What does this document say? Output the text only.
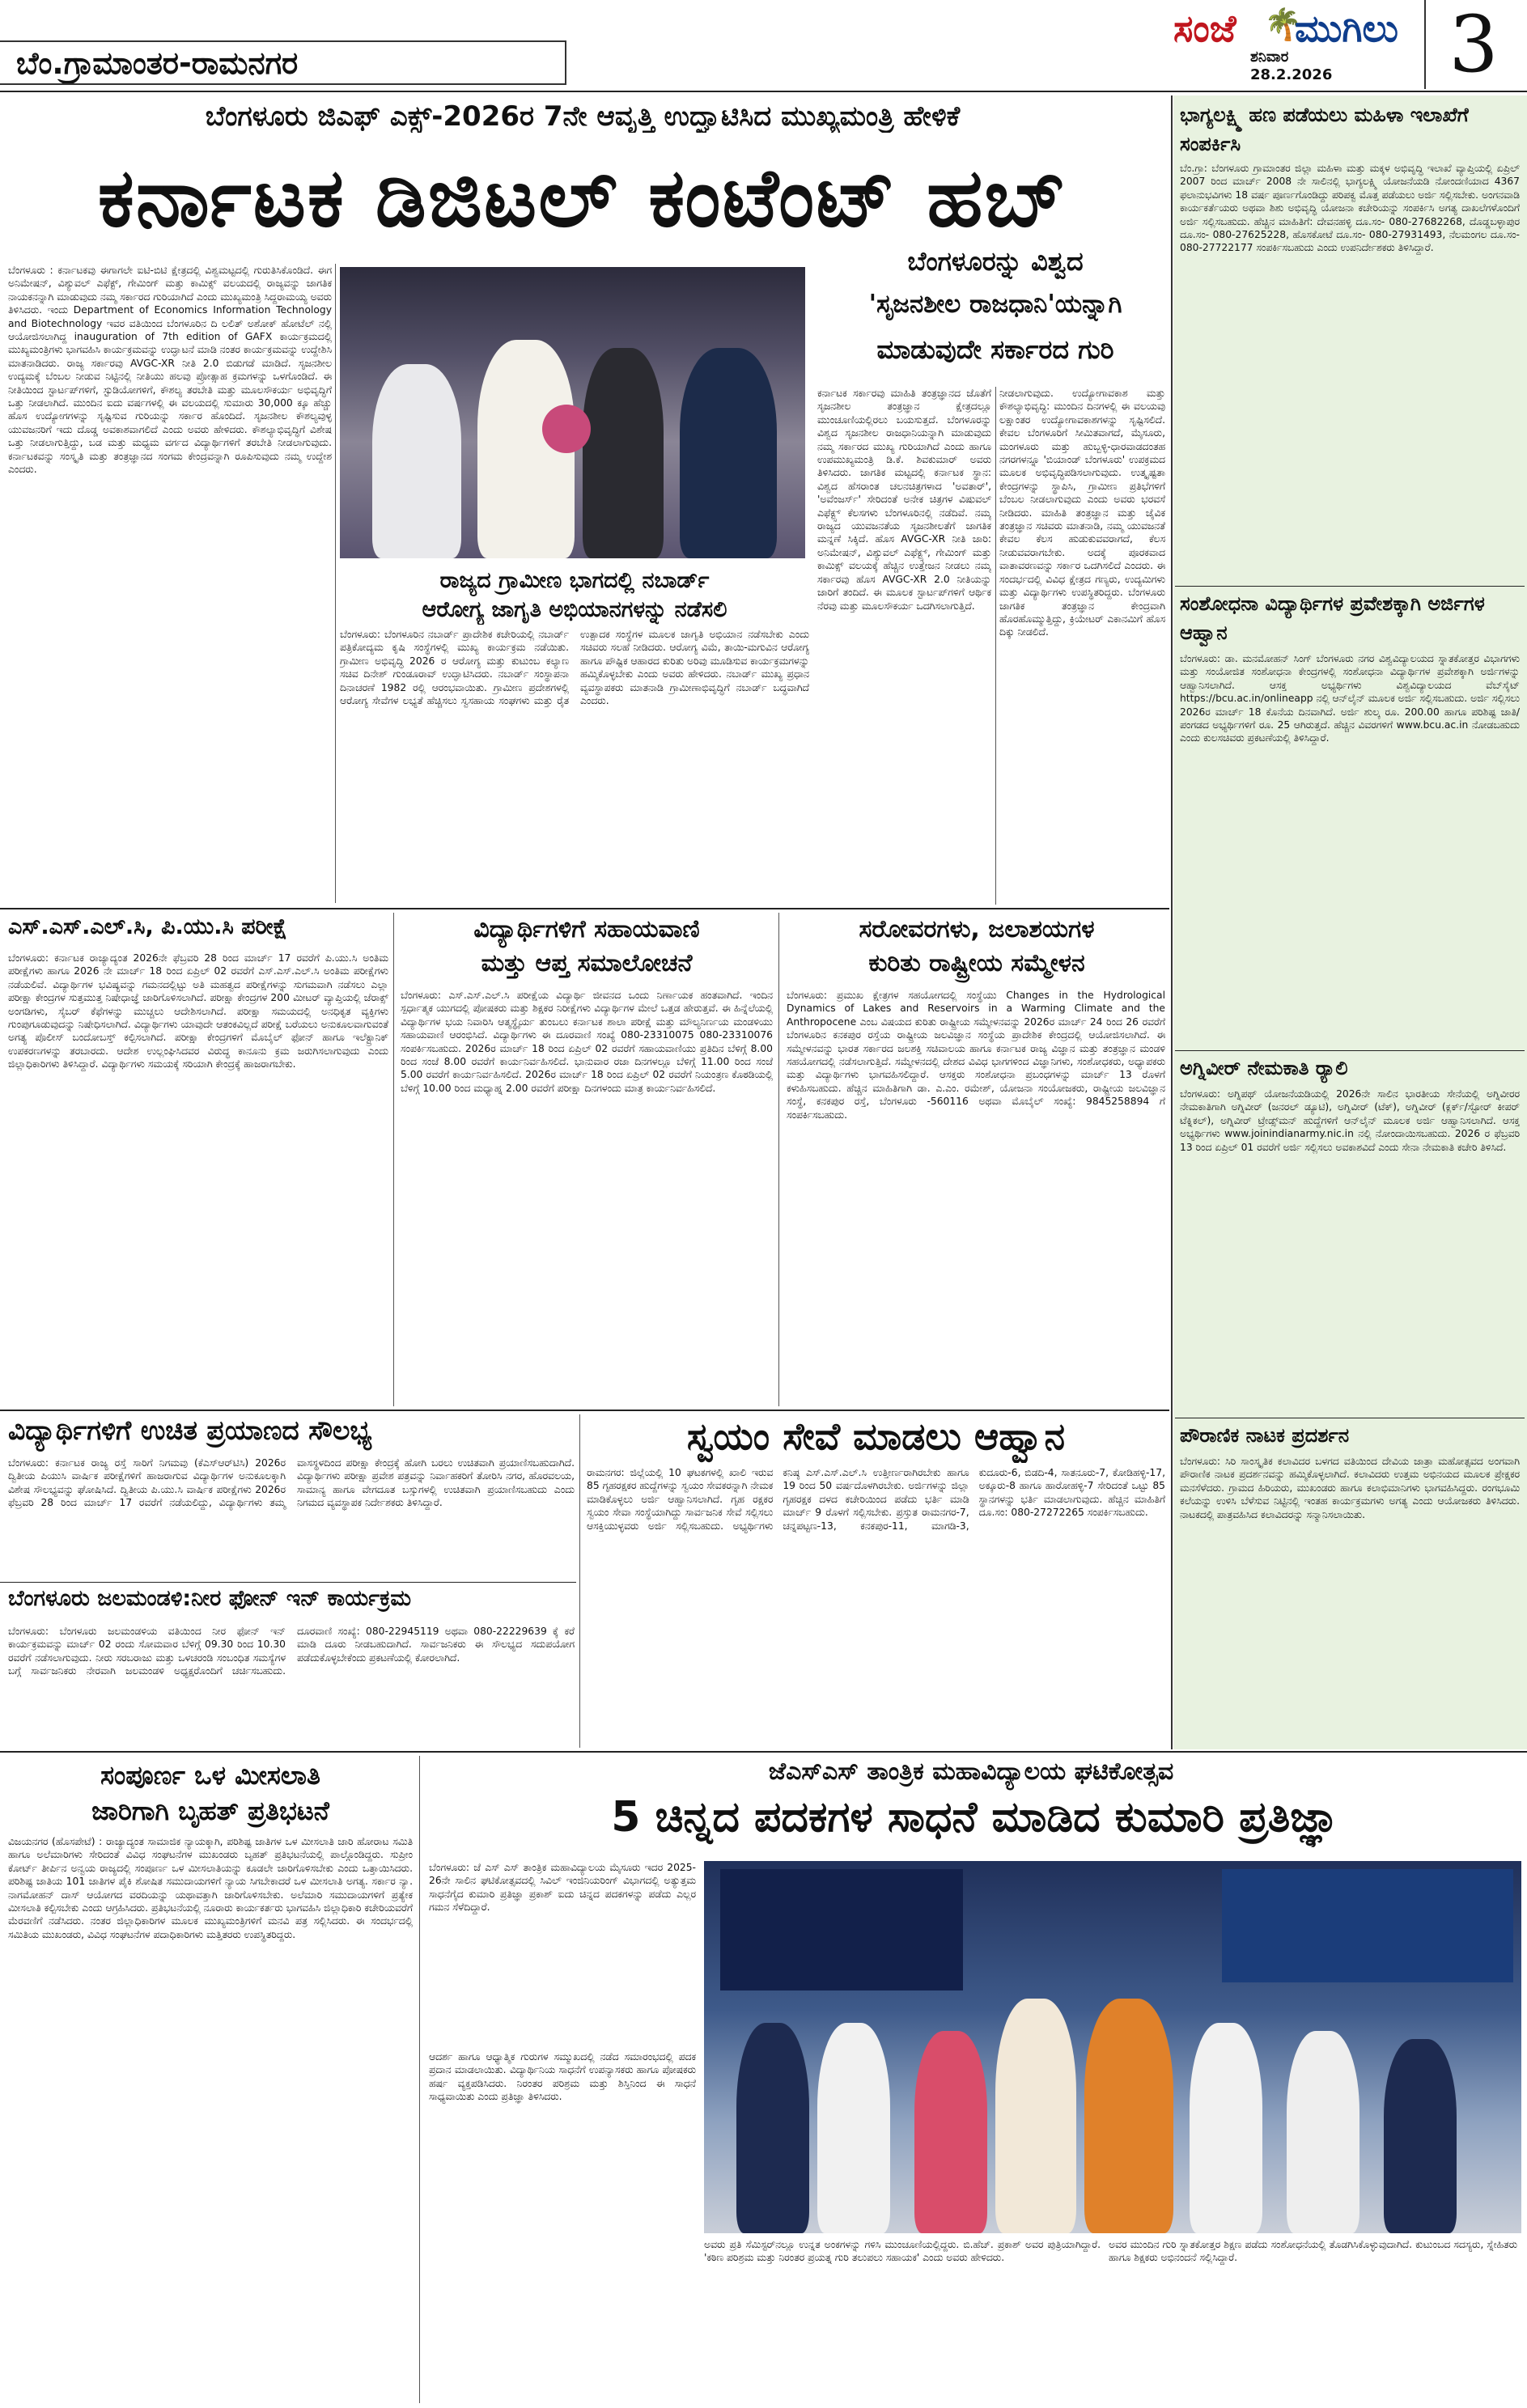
ಬೆಂ.ಗ್ರಾಮಾಂತರ-ರಾಮನಗರ
ಸಂಜೆ 🌴
ಮುಗಿಲು
ಶನಿವಾರ
28.2.2026	3
ಬೆಂಗಳೂರು ಜಿಎಫ್ ಎಕ್ಸ್-2026ರ 7ನೇ ಆವೃತ್ತಿ ಉದ್ಘಾಟಿಸಿದ ಮುಖ್ಯಮಂತ್ರಿ ಹೇಳಿಕೆ
ಕರ್ನಾಟಕ ಡಿಜಿಟಲ್ ಕಂಟೆಂಟ್ ಹಬ್
ಬೆಂಗಳೂರನ್ನು ವಿಶ್ವದ
'ಸೃಜನಶೀಲ ರಾಜಧಾನಿ'ಯನ್ನಾಗಿ
ಮಾಡುವುದೇ ಸರ್ಕಾರದ ಗುರಿ
ಬೆಂಗಳೂರು : ಕರ್ನಾಟಕವು ಈಗಾಗಲೇ ಐಟಿ-ಬಿಟಿ ಕ್ಷೇತ್ರದಲ್ಲಿ ವಿಶ್ವಮಟ್ಟದಲ್ಲಿ ಗುರುತಿಸಿಕೊಂಡಿದೆ. ಈಗ ಅನಿಮೇಷನ್, ವಿಶ್ಯುವಲ್ ಎಫೆಕ್ಟ್, ಗೇಮಿಂಗ್ ಮತ್ತು ಕಾಮಿಕ್ಸ್ ವಲಯದಲ್ಲಿ ರಾಜ್ಯವನ್ನು ಜಾಗತಿಕ ನಾಯಕನನ್ನಾಗಿ ಮಾಡುವುದು ನಮ್ಮ ಸರ್ಕಾರದ ಗುರಿಯಾಗಿದೆ ಎಂದು ಮುಖ್ಯಮಂತ್ರಿ ಸಿದ್ದರಾಮಯ್ಯ ಅವರು ತಿಳಿಸಿದರು. ಇಂದು Department of Economics Information Technology and Biotechnology ಇವರ ವತಿಯಿಂದ ಬೆಂಗಳೂರಿನ ದಿ ಲಲಿತ್ ಅಶೋಕ್ ಹೋಟೆಲ್ ನಲ್ಲಿ ಆಯೋಜಿಸಲಾಗಿದ್ದ inauguration of 7th edition of GAFX ಕಾರ್ಯಕ್ರಮದಲ್ಲಿ ಮುಖ್ಯಮಂತ್ರಿಗಳು ಭಾಗವಹಿಸಿ ಕಾರ್ಯಕ್ರಮವನ್ನು ಉದ್ಘಾಟನೆ ಮಾಡಿ ನಂತರ ಕಾರ್ಯಕ್ರಮವನ್ನು ಉದ್ದೇಶಿಸಿ ಮಾತನಾಡಿದರು. ರಾಜ್ಯ ಸರ್ಕಾರವು AVGC-XR ನೀತಿ 2.0 ಬಿಡುಗಡೆ ಮಾಡಿದೆ. ಸೃಜನಶೀಲ ಉದ್ಯಮಕ್ಕೆ ಬೆಂಬಲ ನೀಡುವ ನಿಟ್ಟಿನಲ್ಲಿ ನೀತಿಯು ಹಲವು ಪ್ರೋತ್ಸಾಹ ಕ್ರಮಗಳನ್ನು ಒಳಗೊಂಡಿದೆ. ಈ ನೀತಿಯಿಂದ ಸ್ಟಾರ್ಟಪ್‌ಗಳಿಗೆ, ಸ್ಟುಡಿಯೋಗಳಿಗೆ, ಕೌಶಲ್ಯ ತರಬೇತಿ ಮತ್ತು ಮೂಲಸೌಕರ್ಯ ಅಭಿವೃದ್ಧಿಗೆ ಒತ್ತು ನೀಡಲಾಗಿದೆ. ಮುಂದಿನ ಐದು ವರ್ಷಗಳಲ್ಲಿ ಈ ವಲಯದಲ್ಲಿ ಸುಮಾರು 30,000 ಕ್ಕೂ ಹೆಚ್ಚು ಹೊಸ ಉದ್ಯೋಗಗಳನ್ನು ಸೃಷ್ಟಿಸುವ ಗುರಿಯನ್ನು ಸರ್ಕಾರ ಹೊಂದಿದೆ. ಸೃಜನಶೀಲ ಕೌಶಲ್ಯವುಳ್ಳ ಯುವಜನರಿಗೆ ಇದು ದೊಡ್ಡ ಅವಕಾಶವಾಗಲಿದೆ ಎಂದು ಅವರು ಹೇಳಿದರು. ಕೌಶಲ್ಯಾಭಿವೃದ್ಧಿಗೆ ವಿಶೇಷ ಒತ್ತು ನೀಡಲಾಗುತ್ತಿದ್ದು, ಬಡ ಮತ್ತು ಮಧ್ಯಮ ವರ್ಗದ ವಿದ್ಯಾರ್ಥಿಗಳಿಗೆ ತರಬೇತಿ ನೀಡಲಾಗುವುದು. ಕರ್ನಾಟಕವನ್ನು ಸಂಸ್ಕೃತಿ ಮತ್ತು ತಂತ್ರಜ್ಞಾನದ ಸಂಗಮ ಕೇಂದ್ರವನ್ನಾಗಿ ರೂಪಿಸುವುದು ನಮ್ಮ ಉದ್ದೇಶ ಎಂದರು.
ಕರ್ನಾಟಕ ಸರ್ಕಾರವು ಮಾಹಿತಿ ತಂತ್ರಜ್ಞಾನದ ಜೊತೆಗೆ ಸೃಜನಶೀಲ ತಂತ್ರಜ್ಞಾನ ಕ್ಷೇತ್ರದಲ್ಲೂ ಮುಂಚೂಣಿಯಲ್ಲಿರಲು ಬಯಸುತ್ತದೆ. ಬೆಂಗಳೂರನ್ನು ವಿಶ್ವದ ಸೃಜನಶೀಲ ರಾಜಧಾನಿಯನ್ನಾಗಿ ಮಾಡುವುದು ನಮ್ಮ ಸರ್ಕಾರದ ಮುಖ್ಯ ಗುರಿಯಾಗಿದೆ ಎಂದು ಹಾಗೂ ಉಪಮುಖ್ಯಮಂತ್ರಿ ಡಿ.ಕೆ. ಶಿವಕುಮಾರ್ ಅವರು ತಿಳಿಸಿದರು. ಜಾಗತಿಕ ಮಟ್ಟದಲ್ಲಿ ಕರ್ನಾಟಕ ಸ್ಥಾನ: ವಿಶ್ವದ ಹೆಸರಾಂತ ಚಲನಚಿತ್ರಗಳಾದ 'ಅವತಾರ್', 'ಅವೆಂಜರ್ಸ್' ಸೇರಿದಂತೆ ಅನೇಕ ಚಿತ್ರಗಳ ವಿಷುವಲ್ ಎಫೆಕ್ಟ್ಸ್ ಕೆಲಸಗಳು ಬೆಂಗಳೂರಿನಲ್ಲಿ ನಡೆದಿವೆ. ನಮ್ಮ ರಾಜ್ಯದ ಯುವಜನತೆಯ ಸೃಜನಶೀಲತೆಗೆ ಜಾಗತಿಕ ಮನ್ನಣೆ ಸಿಕ್ಕಿದೆ. ಹೊಸ AVGC-XR ನೀತಿ ಜಾರಿ: ಅನಿಮೇಷನ್, ವಿಶ್ಯುವಲ್ ಎಫೆಕ್ಟ್ಸ್, ಗೇಮಿಂಗ್ ಮತ್ತು ಕಾಮಿಕ್ಸ್ ವಲಯಕ್ಕೆ ಹೆಚ್ಚಿನ ಉತ್ತೇಜನ ನೀಡಲು ನಮ್ಮ ಸರ್ಕಾರವು ಹೊಸ AVGC-XR 2.0 ನೀತಿಯನ್ನು ಜಾರಿಗೆ ತಂದಿದೆ. ಈ ಮೂಲಕ ಸ್ಟಾರ್ಟಪ್‌ಗಳಿಗೆ ಆರ್ಥಿಕ ನೆರವು ಮತ್ತು ಮೂಲಸೌಕರ್ಯ ಒದಗಿಸಲಾಗುತ್ತಿದೆ.
ನೀಡಲಾಗುವುದು. ಉದ್ಯೋಗಾವಕಾಶ ಮತ್ತು ಕೌಶಲ್ಯಾಭಿವೃದ್ಧಿ: ಮುಂದಿನ ದಿನಗಳಲ್ಲಿ ಈ ವಲಯವು ಲಕ್ಷಾಂತರ ಉದ್ಯೋಗಾವಕಾಶಗಳನ್ನು ಸೃಷ್ಟಿಸಲಿದೆ. ಕೇವಲ ಬೆಂಗಳೂರಿಗೆ ಸೀಮಿತವಾಗದೆ, ಮೈಸೂರು, ಮಂಗಳೂರು ಮತ್ತು ಹುಬ್ಬಳ್ಳಿ-ಧಾರವಾಡದಂತಹ ನಗರಗಳನ್ನೂ 'ಬಿಯಾಂಡ್ ಬೆಂಗಳೂರು' ಉಪಕ್ರಮದ ಮೂಲಕ ಅಭಿವೃದ್ಧಿಪಡಿಸಲಾಗುವುದು. ಉತ್ಕೃಷ್ಟತಾ ಕೇಂದ್ರಗಳನ್ನು ಸ್ಥಾಪಿಸಿ, ಗ್ರಾಮೀಣ ಪ್ರತಿಭೆಗಳಿಗೆ ಬೆಂಬಲ ನೀಡಲಾಗುವುದು ಎಂದು ಅವರು ಭರವಸೆ ನೀಡಿದರು. ಮಾಹಿತಿ ತಂತ್ರಜ್ಞಾನ ಮತ್ತು ಜೈವಿಕ ತಂತ್ರಜ್ಞಾನ ಸಚಿವರು ಮಾತನಾಡಿ, ನಮ್ಮ ಯುವಜನತೆ ಕೇವಲ ಕೆಲಸ ಹುಡುಕುವವರಾಗದೆ, ಕೆಲಸ ನೀಡುವವರಾಗಬೇಕು. ಅದಕ್ಕೆ ಪೂರಕವಾದ ವಾತಾವರಣವನ್ನು ಸರ್ಕಾರ ಒದಗಿಸಲಿದೆ ಎಂದರು. ಈ ಸಂದರ್ಭದಲ್ಲಿ ವಿವಿಧ ಕ್ಷೇತ್ರದ ಗಣ್ಯರು, ಉದ್ಯಮಿಗಳು ಮತ್ತು ವಿದ್ಯಾರ್ಥಿಗಳು ಉಪಸ್ಥಿತರಿದ್ದರು. ಬೆಂಗಳೂರು ಜಾಗತಿಕ ತಂತ್ರಜ್ಞಾನ ಕೇಂದ್ರವಾಗಿ ಹೊರಹೊಮ್ಮುತ್ತಿದ್ದು, ಕ್ರಿಯೇಟರ್ ಎಕಾನಮಿಗೆ ಹೊಸ ದಿಕ್ಕು ನೀಡಲಿದೆ.
ರಾಜ್ಯದ ಗ್ರಾಮೀಣ ಭಾಗದಲ್ಲಿ ನಬಾರ್ಡ್
ಆರೋಗ್ಯ ಜಾಗೃತಿ ಅಭಿಯಾನಗಳನ್ನು ನಡೆಸಲಿ
ಬೆಂಗಳೂರು: ಬೆಂಗಳೂರಿನ ನಬಾರ್ಡ್ ಪ್ರಾದೇಶಿಕ ಕಚೇರಿಯಲ್ಲಿ ನಬಾರ್ಡ್ ಪತ್ರಿಕೋದ್ಯಮ ಕೃಷಿ ಸಂಸ್ಥೆಗಳಲ್ಲಿ ಮುಖ್ಯ ಕಾರ್ಯಕ್ರಮ ನಡೆಯಿತು. ಗ್ರಾಮೀಣ ಅಭಿವೃದ್ಧಿ 2026 ರ ಆರೋಗ್ಯ ಮತ್ತು ಕುಟುಂಬ ಕಲ್ಯಾಣ ಸಚಿವ ದಿನೇಶ್ ಗುಂಡೂರಾವ್ ಉದ್ಘಾಟಿಸಿದರು. ನಬಾರ್ಡ್ ಸಂಸ್ಥಾಪನಾ ದಿನಾಚರಣೆ 1982 ರಲ್ಲಿ ಆರಂಭವಾಯಿತು. ಗ್ರಾಮೀಣ ಪ್ರದೇಶಗಳಲ್ಲಿ ಆರೋಗ್ಯ ಸೇವೆಗಳ ಲಭ್ಯತೆ ಹೆಚ್ಚಿಸಲು ಸ್ವಸಹಾಯ ಸಂಘಗಳು ಮತ್ತು ರೈತ ಉತ್ಪಾದಕ ಸಂಸ್ಥೆಗಳ ಮೂಲಕ ಜಾಗೃತಿ ಅಭಿಯಾನ ನಡೆಸಬೇಕು ಎಂದು ಸಚಿವರು ಸಲಹೆ ನೀಡಿದರು. ಆರೋಗ್ಯ ವಿಮೆ, ತಾಯಿ-ಮಗುವಿನ ಆರೋಗ್ಯ ಹಾಗೂ ಪೌಷ್ಟಿಕ ಆಹಾರದ ಕುರಿತು ಅರಿವು ಮೂಡಿಸುವ ಕಾರ್ಯಕ್ರಮಗಳನ್ನು ಹಮ್ಮಿಕೊಳ್ಳಬೇಕು ಎಂದು ಅವರು ಹೇಳಿದರು. ನಬಾರ್ಡ್ ಮುಖ್ಯ ಪ್ರಧಾನ ವ್ಯವಸ್ಥಾಪಕರು ಮಾತನಾಡಿ ಗ್ರಾಮೀಣಾಭಿವೃದ್ಧಿಗೆ ನಬಾರ್ಡ್ ಬದ್ಧವಾಗಿದೆ ಎಂದರು.
ಎಸ್.ಎಸ್.ಎಲ್.ಸಿ, ಪಿ.ಯು.ಸಿ ಪರೀಕ್ಷೆ
ಬೆಂಗಳೂರು: ಕರ್ನಾಟಕ ರಾಜ್ಯಾದ್ಯಂತ 2026ನೇ ಫೆಬ್ರವರಿ 28 ರಿಂದ ಮಾರ್ಚ್ 17 ರವರೆಗೆ ಪಿ.ಯು.ಸಿ ಅಂತಿಮ ಪರೀಕ್ಷೆಗಳು ಹಾಗೂ 2026 ನೇ ಮಾರ್ಚ್ 18 ರಿಂದ ಏಪ್ರಿಲ್ 02 ರವರೆಗೆ ಎಸ್.ಎಸ್.ಎಲ್.ಸಿ ಅಂತಿಮ ಪರೀಕ್ಷೆಗಳು ನಡೆಯಲಿವೆ. ವಿದ್ಯಾರ್ಥಿಗಳ ಭವಿಷ್ಯವನ್ನು ಗಮನದಲ್ಲಿಟ್ಟು ಅತಿ ಮಹತ್ವದ ಪರೀಕ್ಷೆಗಳನ್ನು ಸುಗಮವಾಗಿ ನಡೆಸಲು ಎಲ್ಲಾ ಪರೀಕ್ಷಾ ಕೇಂದ್ರಗಳ ಸುತ್ತಮುತ್ತ ನಿಷೇಧಾಜ್ಞೆ ಜಾರಿಗೊಳಿಸಲಾಗಿದೆ. ಪರೀಕ್ಷಾ ಕೇಂದ್ರಗಳ 200 ಮೀಟರ್ ವ್ಯಾಪ್ತಿಯಲ್ಲಿ ಜೆರಾಕ್ಸ್ ಅಂಗಡಿಗಳು, ಸೈಬರ್ ಕೆಫೆಗಳನ್ನು ಮುಚ್ಚಲು ಆದೇಶಿಸಲಾಗಿದೆ. ಪರೀಕ್ಷಾ ಸಮಯದಲ್ಲಿ ಅನಧಿಕೃತ ವ್ಯಕ್ತಿಗಳು ಗುಂಪುಗೂಡುವುದನ್ನು ನಿಷೇಧಿಸಲಾಗಿದೆ. ವಿದ್ಯಾರ್ಥಿಗಳು ಯಾವುದೇ ಆತಂಕವಿಲ್ಲದೆ ಪರೀಕ್ಷೆ ಬರೆಯಲು ಅನುಕೂಲವಾಗುವಂತೆ ಅಗತ್ಯ ಪೊಲೀಸ್ ಬಂದೋಬಸ್ತ್ ಕಲ್ಪಿಸಲಾಗಿದೆ. ಪರೀಕ್ಷಾ ಕೇಂದ್ರಗಳಿಗೆ ಮೊಬೈಲ್ ಫೋನ್ ಹಾಗೂ ಇಲೆಕ್ಟ್ರಾನಿಕ್ ಉಪಕರಣಗಳನ್ನು ತರಬಾರದು. ಆದೇಶ ಉಲ್ಲಂಘಿಸಿದವರ ವಿರುದ್ಧ ಕಾನೂನು ಕ್ರಮ ಜರುಗಿಸಲಾಗುವುದು ಎಂದು ಜಿಲ್ಲಾಧಿಕಾರಿಗಳು ತಿಳಿಸಿದ್ದಾರೆ. ವಿದ್ಯಾರ್ಥಿಗಳು ಸಮಯಕ್ಕೆ ಸರಿಯಾಗಿ ಕೇಂದ್ರಕ್ಕೆ ಹಾಜರಾಗಬೇಕು.
ವಿದ್ಯಾರ್ಥಿಗಳಿಗೆ ಸಹಾಯವಾಣಿ
ಮತ್ತು ಆಪ್ತ ಸಮಾಲೋಚನೆ
ಬೆಂಗಳೂರು: ಎಸ್.ಎಸ್.ಎಲ್.ಸಿ ಪರೀಕ್ಷೆಯ ವಿದ್ಯಾರ್ಥಿ ಜೀವನದ ಒಂದು ನಿರ್ಣಾಯಕ ಹಂತವಾಗಿದೆ. ಇಂದಿನ ಸ್ಪರ್ಧಾತ್ಮಕ ಯುಗದಲ್ಲಿ ಪೋಷಕರು ಮತ್ತು ಶಿಕ್ಷಕರ ನಿರೀಕ್ಷೆಗಳು ವಿದ್ಯಾರ್ಥಿಗಳ ಮೇಲೆ ಒತ್ತಡ ಹೇರುತ್ತವೆ. ಈ ಹಿನ್ನೆಲೆಯಲ್ಲಿ ವಿದ್ಯಾರ್ಥಿಗಳ ಭಯ ನಿವಾರಿಸಿ ಆತ್ಮಸ್ಥೈರ್ಯ ತುಂಬಲು ಕರ್ನಾಟಕ ಶಾಲಾ ಪರೀಕ್ಷೆ ಮತ್ತು ಮೌಲ್ಯನಿರ್ಣಯ ಮಂಡಳಿಯು ಸಹಾಯವಾಣಿ ಆರಂಭಿಸಿದೆ. ವಿದ್ಯಾರ್ಥಿಗಳು ಈ ದೂರವಾಣಿ ಸಂಖ್ಯೆ 080-23310075 080-23310076 ಸಂಪರ್ಕಿಸಬಹುದು. 2026ರ ಮಾರ್ಚ್ 18 ರಿಂದ ಏಪ್ರಿಲ್ 02 ರವರೆಗೆ ಸಹಾಯವಾಣಿಯು ಪ್ರತಿದಿನ ಬೆಳಿಗ್ಗೆ 8.00 ರಿಂದ ಸಂಜೆ 8.00 ರವರೆಗೆ ಕಾರ್ಯನಿರ್ವಹಿಸಲಿದೆ. ಭಾನುವಾರ ರಜಾ ದಿನಗಳಲ್ಲೂ ಬೆಳಿಗ್ಗೆ 11.00 ರಿಂದ ಸಂಜೆ 5.00 ರವರೆಗೆ ಕಾರ್ಯನಿರ್ವಹಿಸಲಿದೆ. 2026ರ ಮಾರ್ಚ್ 18 ರಿಂದ ಏಪ್ರಿಲ್ 02 ರವರೆಗೆ ನಿಯಂತ್ರಣ ಕೊಠಡಿಯಲ್ಲಿ ಬೆಳಿಗ್ಗೆ 10.00 ರಿಂದ ಮಧ್ಯಾಹ್ನ 2.00 ರವರೆಗೆ ಪರೀಕ್ಷಾ ದಿನಗಳಂದು ಮಾತ್ರ ಕಾರ್ಯನಿರ್ವಹಿಸಲಿದೆ.
ಸರೋವರಗಳು, ಜಲಾಶಯಗಳ
ಕುರಿತು ರಾಷ್ಟ್ರೀಯ ಸಮ್ಮೇಳನ
ಬೆಂಗಳೂರು: ಪ್ರಮುಖ ಕ್ಷೇತ್ರಗಳ ಸಹಯೋಗದಲ್ಲಿ ಸಂಸ್ಥೆಯು Changes in the Hydrological Dynamics of Lakes and Reservoirs in a Warming Climate and the Anthropocene ಎಂಬ ವಿಷಯದ ಕುರಿತು ರಾಷ್ಟ್ರೀಯ ಸಮ್ಮೇಳನವನ್ನು 2026ರ ಮಾರ್ಚ್ 24 ರಿಂದ 26 ರವರೆಗೆ ಬೆಂಗಳೂರಿನ ಕನಕಪುರ ರಸ್ತೆಯ ರಾಷ್ಟ್ರೀಯ ಜಲವಿಜ್ಞಾನ ಸಂಸ್ಥೆಯ ಪ್ರಾದೇಶಿಕ ಕೇಂದ್ರದಲ್ಲಿ ಆಯೋಜಿಸಲಾಗಿದೆ. ಈ ಸಮ್ಮೇಳನವನ್ನು ಭಾರತ ಸರ್ಕಾರದ ಜಲಶಕ್ತಿ ಸಚಿವಾಲಯ ಹಾಗೂ ಕರ್ನಾಟಕ ರಾಜ್ಯ ವಿಜ್ಞಾನ ಮತ್ತು ತಂತ್ರಜ್ಞಾನ ಮಂಡಳಿ ಸಹಯೋಗದಲ್ಲಿ ನಡೆಸಲಾಗುತ್ತಿದೆ. ಸಮ್ಮೇಳನದಲ್ಲಿ ದೇಶದ ವಿವಿಧ ಭಾಗಗಳಿಂದ ವಿಜ್ಞಾನಿಗಳು, ಸಂಶೋಧಕರು, ಅಧ್ಯಾಪಕರು ಮತ್ತು ವಿದ್ಯಾರ್ಥಿಗಳು ಭಾಗವಹಿಸಲಿದ್ದಾರೆ. ಆಸಕ್ತರು ಸಂಶೋಧನಾ ಪ್ರಬಂಧಗಳನ್ನು ಮಾರ್ಚ್ 13 ರೊಳಗೆ ಕಳುಹಿಸಬಹುದು. ಹೆಚ್ಚಿನ ಮಾಹಿತಿಗಾಗಿ ಡಾ. ಎ.ಎಂ. ರಮೇಶ್, ಯೋಜನಾ ಸಂಯೋಜಕರು, ರಾಷ್ಟ್ರೀಯ ಜಲವಿಜ್ಞಾನ ಸಂಸ್ಥೆ, ಕನಕಪುರ ರಸ್ತೆ, ಬೆಂಗಳೂರು -560116 ಅಥವಾ ಮೊಬೈಲ್ ಸಂಖ್ಯೆ: 9845258894 ಗೆ ಸಂಪರ್ಕಿಸಬಹುದು.
ವಿದ್ಯಾರ್ಥಿಗಳಿಗೆ ಉಚಿತ ಪ್ರಯಾಣದ ಸೌಲಭ್ಯ
ಬೆಂಗಳೂರು: ಕರ್ನಾಟಕ ರಾಜ್ಯ ರಸ್ತೆ ಸಾರಿಗೆ ನಿಗಮವು (ಕೆಎಸ್ಆರ್‌ಟಿಸಿ) 2026ರ ದ್ವಿತೀಯ ಪಿಯುಸಿ ವಾರ್ಷಿಕ ಪರೀಕ್ಷೆಗಳಿಗೆ ಹಾಜರಾಗುವ ವಿದ್ಯಾರ್ಥಿಗಳ ಅನುಕೂಲಕ್ಕಾಗಿ ವಿಶೇಷ ಸೌಲಭ್ಯವನ್ನು ಘೋಷಿಸಿದೆ. ದ್ವಿತೀಯ ಪಿ.ಯು.ಸಿ ವಾರ್ಷಿಕ ಪರೀಕ್ಷೆಗಳು 2026ರ ಫೆಬ್ರವರಿ 28 ರಿಂದ ಮಾರ್ಚ್ 17 ರವರೆಗೆ ನಡೆಯಲಿದ್ದು, ವಿದ್ಯಾರ್ಥಿಗಳು ತಮ್ಮ ವಾಸಸ್ಥಳದಿಂದ ಪರೀಕ್ಷಾ ಕೇಂದ್ರಕ್ಕೆ ಹೋಗಿ ಬರಲು ಉಚಿತವಾಗಿ ಪ್ರಯಾಣಿಸಬಹುದಾಗಿದೆ. ವಿದ್ಯಾರ್ಥಿಗಳು ಪರೀಕ್ಷಾ ಪ್ರವೇಶ ಪತ್ರವನ್ನು ನಿರ್ವಾಹಕರಿಗೆ ತೋರಿಸಿ ನಗರ, ಹೊರವಲಯ, ಸಾಮಾನ್ಯ ಹಾಗೂ ವೇಗದೂತ ಬಸ್ಸುಗಳಲ್ಲಿ ಉಚಿತವಾಗಿ ಪ್ರಯಾಣಿಸಬಹುದು ಎಂದು ನಿಗಮದ ವ್ಯವಸ್ಥಾಪಕ ನಿರ್ದೇಶಕರು ತಿಳಿಸಿದ್ದಾರೆ.
ಬೆಂಗಳೂರು ಜಲಮಂಡಳಿ:ನೀರ ಫೋನ್ ಇನ್ ಕಾರ್ಯಕ್ರಮ
ಬೆಂಗಳೂರು: ಬೆಂಗಳೂರು ಜಲಮಂಡಳಿಯ ವತಿಯಿಂದ ನೀರ ಫೋನ್ ಇನ್ ಕಾರ್ಯಕ್ರಮವನ್ನು ಮಾರ್ಚ್ 02 ರಂದು ಸೋಮವಾರ ಬೆಳಿಗ್ಗೆ 09.30 ರಿಂದ 10.30 ರವರೆಗೆ ನಡೆಸಲಾಗುವುದು. ನೀರು ಸರಬರಾಜು ಮತ್ತು ಒಳಚರಂಡಿ ಸಂಬಂಧಿತ ಸಮಸ್ಯೆಗಳ ಬಗ್ಗೆ ಸಾರ್ವಜನಿಕರು ನೇರವಾಗಿ ಜಲಮಂಡಳಿ ಅಧ್ಯಕ್ಷರೊಂದಿಗೆ ಚರ್ಚಿಸಬಹುದು. ದೂರವಾಣಿ ಸಂಖ್ಯೆ: 080-22945119 ಅಥವಾ 080-22229639 ಕ್ಕೆ ಕರೆ ಮಾಡಿ ದೂರು ನೀಡಬಹುದಾಗಿದೆ. ಸಾರ್ವಜನಿಕರು ಈ ಸೌಲಭ್ಯದ ಸದುಪಯೋಗ ಪಡೆದುಕೊಳ್ಳಬೇಕೆಂದು ಪ್ರಕಟಣೆಯಲ್ಲಿ ಕೋರಲಾಗಿದೆ.
ಸ್ವಯಂ ಸೇವೆ ಮಾಡಲು ಆಹ್ವಾನ
ರಾಮನಗರ: ಜಿಲ್ಲೆಯಲ್ಲಿ 10 ಘಟಕಗಳಲ್ಲಿ ಖಾಲಿ ಇರುವ 85 ಗೃಹರಕ್ಷಕರ ಹುದ್ದೆಗಳನ್ನು ಸ್ವಯಂ ಸೇವಕರನ್ನಾಗಿ ನೇಮಕ ಮಾಡಿಕೊಳ್ಳಲು ಅರ್ಜಿ ಆಹ್ವಾನಿಸಲಾಗಿದೆ. ಗೃಹ ರಕ್ಷಕರ ಸ್ವಯಂ ಸೇವಾ ಸಂಸ್ಥೆಯಾಗಿದ್ದು ಸಾರ್ವಜನಿಕ ಸೇವೆ ಸಲ್ಲಿಸಲು ಆಸಕ್ತಿಯುಳ್ಳವರು ಅರ್ಜಿ ಸಲ್ಲಿಸಬಹುದು. ಅಭ್ಯರ್ಥಿಗಳು ಕನಿಷ್ಠ ಎಸ್.ಎಸ್.ಎಲ್.ಸಿ ಉತ್ತೀರ್ಣರಾಗಿರಬೇಕು ಹಾಗೂ 19 ರಿಂದ 50 ವರ್ಷದೊಳಗಿರಬೇಕು. ಅರ್ಜಿಗಳನ್ನು ಜಿಲ್ಲಾ ಗೃಹರಕ್ಷಕ ದಳದ ಕಚೇರಿಯಿಂದ ಪಡೆದು ಭರ್ತಿ ಮಾಡಿ ಮಾರ್ಚ್ 9 ರೊಳಗೆ ಸಲ್ಲಿಸಬೇಕು. ಪ್ರಸ್ತುತ ರಾಮನಗರ-7, ಚನ್ನಪಟ್ಟಣ-13, ಕನಕಪುರ-11, ಮಾಗಡಿ-3, ಕುದೂರು-6, ಬಿಡದಿ-4, ಸಾತನೂರು-7, ಕೋಡಿಹಳ್ಳಿ-17, ಅಕ್ಕೂರು-8 ಹಾಗೂ ಹಾರೋಹಳ್ಳಿ-7 ಸೇರಿದಂತೆ ಒಟ್ಟು 85 ಸ್ಥಾನಗಳನ್ನು ಭರ್ತಿ ಮಾಡಲಾಗುವುದು. ಹೆಚ್ಚಿನ ಮಾಹಿತಿಗೆ ದೂ.ಸಂ: 080-27272265 ಸಂಪರ್ಕಿಸಬಹುದು.
ಸಂಪೂರ್ಣ ಒಳ ಮೀಸಲಾತಿ
ಜಾರಿಗಾಗಿ ಬೃಹತ್ ಪ್ರತಿಭಟನೆ
ವಿಜಯನಗರ (ಹೊಸಪೇಟೆ) : ರಾಜ್ಯಾದ್ಯಂತ ಸಾಮಾಜಿಕ ನ್ಯಾಯಕ್ಕಾಗಿ, ಪರಿಶಿಷ್ಟ ಜಾತಿಗಳ ಒಳ ಮೀಸಲಾತಿ ಜಾರಿ ಹೋರಾಟ ಸಮಿತಿ ಹಾಗೂ ಅಲೆಮಾರಿಗಳು ಸೇರಿದಂತೆ ವಿವಿಧ ಸಂಘಟನೆಗಳ ಮುಖಂಡರು ಬೃಹತ್ ಪ್ರತಿಭಟನೆಯಲ್ಲಿ ಪಾಲ್ಗೊಂಡಿದ್ದರು. ಸುಪ್ರೀಂ ಕೋರ್ಟ್ ತೀರ್ಪಿನ ಅನ್ವಯ ರಾಜ್ಯದಲ್ಲಿ ಸಂಪೂರ್ಣ ಒಳ ಮೀಸಲಾತಿಯನ್ನು ಕೂಡಲೇ ಜಾರಿಗೊಳಿಸಬೇಕು ಎಂದು ಒತ್ತಾಯಿಸಿದರು. ಪರಿಶಿಷ್ಟ ಜಾತಿಯ 101 ಜಾತಿಗಳ ಪೈಕಿ ಶೋಷಿತ ಸಮುದಾಯಗಳಿಗೆ ನ್ಯಾಯ ಸಿಗಬೇಕಾದರೆ ಒಳ ಮೀಸಲಾತಿ ಅಗತ್ಯ. ಸರ್ಕಾರ ನ್ಯಾ. ನಾಗಮೋಹನ್ ದಾಸ್ ಆಯೋಗದ ವರದಿಯನ್ನು ಯಥಾವತ್ತಾಗಿ ಜಾರಿಗೊಳಿಸಬೇಕು. ಅಲೆಮಾರಿ ಸಮುದಾಯಗಳಿಗೆ ಪ್ರತ್ಯೇಕ ಮೀಸಲಾತಿ ಕಲ್ಪಿಸಬೇಕು ಎಂದು ಆಗ್ರಹಿಸಿದರು. ಪ್ರತಿಭಟನೆಯಲ್ಲಿ ನೂರಾರು ಕಾರ್ಯಕರ್ತರು ಭಾಗವಹಿಸಿ ಜಿಲ್ಲಾಧಿಕಾರಿ ಕಚೇರಿಯವರೆಗೆ ಮೆರವಣಿಗೆ ನಡೆಸಿದರು. ನಂತರ ಜಿಲ್ಲಾಧಿಕಾರಿಗಳ ಮೂಲಕ ಮುಖ್ಯಮಂತ್ರಿಗಳಿಗೆ ಮನವಿ ಪತ್ರ ಸಲ್ಲಿಸಿದರು. ಈ ಸಂದರ್ಭದಲ್ಲಿ ಸಮಿತಿಯ ಮುಖಂಡರು, ವಿವಿಧ ಸಂಘಟನೆಗಳ ಪದಾಧಿಕಾರಿಗಳು ಮತ್ತಿತರರು ಉಪಸ್ಥಿತರಿದ್ದರು.
ಜೆಎಸ್ಎಸ್ ತಾಂತ್ರಿಕ ಮಹಾವಿದ್ಯಾಲಯ ಘಟಿಕೋತ್ಸವ
5 ಚಿನ್ನದ ಪದಕಗಳ ಸಾಧನೆ ಮಾಡಿದ ಕುಮಾರಿ ಪ್ರತಿಜ್ಞಾ
ಬೆಂಗಳೂರು: ಜೆ ಎಸ್ ಎಸ್ ತಾಂತ್ರಿಕ ಮಹಾವಿದ್ಯಾಲಯ ಮೈಸೂರು ಇದರ 2025-26ನೇ ಸಾಲಿನ ಘಟಿಕೋತ್ಸವದಲ್ಲಿ ಸಿವಿಲ್ ಇಂಜಿನಿಯರಿಂಗ್ ವಿಭಾಗದಲ್ಲಿ ಅತ್ಯುತ್ತಮ ಸಾಧನೆಗೈದ ಕುಮಾರಿ ಪ್ರತಿಜ್ಞಾ ಪ್ರಕಾಶ್ ಐದು ಚಿನ್ನದ ಪದಕಗಳನ್ನು ಪಡೆದು ಎಲ್ಲರ ಗಮನ ಸೆಳೆದಿದ್ದಾರೆ.
ಆದರ್ಶ ಹಾಗೂ ಆಧ್ಯಾತ್ಮಿಕ ಗುರುಗಳ ಸಮ್ಮುಖದಲ್ಲಿ ನಡೆದ ಸಮಾರಂಭದಲ್ಲಿ ಪದಕ ಪ್ರದಾನ ಮಾಡಲಾಯಿತು. ವಿದ್ಯಾರ್ಥಿನಿಯ ಸಾಧನೆಗೆ ಉಪನ್ಯಾಸಕರು ಹಾಗೂ ಪೋಷಕರು ಹರ್ಷ ವ್ಯಕ್ತಪಡಿಸಿದರು. ನಿರಂತರ ಪರಿಶ್ರಮ ಮತ್ತು ಶಿಸ್ತಿನಿಂದ ಈ ಸಾಧನೆ ಸಾಧ್ಯವಾಯಿತು ಎಂದು ಪ್ರತಿಜ್ಞಾ ತಿಳಿಸಿದರು.
ಅವರು ಪ್ರತಿ ಸೆಮಿಸ್ಟರ್‌ನಲ್ಲೂ ಉನ್ನತ ಅಂಕಗಳನ್ನು ಗಳಿಸಿ ಮುಂಚೂಣಿಯಲ್ಲಿದ್ದರು. ಬಿ.ಹೆಚ್. ಪ್ರಕಾಶ್ ಅವರ ಪುತ್ರಿಯಾಗಿದ್ದಾರೆ. 'ಕಠಿಣ ಪರಿಶ್ರಮ ಮತ್ತು ನಿರಂತರ ಪ್ರಯತ್ನ ಗುರಿ ತಲುಪಲು ಸಹಾಯಕ' ಎಂದು ಅವರು ಹೇಳಿದರು.
ಅವರ ಮುಂದಿನ ಗುರಿ ಸ್ನಾತಕೋತ್ತರ ಶಿಕ್ಷಣ ಪಡೆದು ಸಂಶೋಧನೆಯಲ್ಲಿ ತೊಡಗಿಸಿಕೊಳ್ಳುವುದಾಗಿದೆ. ಕುಟುಂಬದ ಸದಸ್ಯರು, ಸ್ನೇಹಿತರು ಹಾಗೂ ಶಿಕ್ಷಕರು ಅಭಿನಂದನೆ ಸಲ್ಲಿಸಿದ್ದಾರೆ.
ಭಾಗ್ಯಲಕ್ಷ್ಮಿ ಹಣ ಪಡೆಯಲು ಮಹಿಳಾ ಇಲಾಖೆಗೆ ಸಂಪರ್ಕಿಸಿ
ಬೆಂ.ಗ್ರಾ: ಬೆಂಗಳೂರು ಗ್ರಾಮಾಂತರ ಜಿಲ್ಲಾ ಮಹಿಳಾ ಮತ್ತು ಮಕ್ಕಳ ಅಭಿವೃದ್ಧಿ ಇಲಾಖೆ ವ್ಯಾಪ್ತಿಯಲ್ಲಿ ಏಪ್ರಿಲ್ 2007 ರಿಂದ ಮಾರ್ಚ್ 2008 ನೇ ಸಾಲಿನಲ್ಲಿ ಭಾಗ್ಯಲಕ್ಷ್ಮಿ ಯೋಜನೆಯಡಿ ನೋಂದಣಿಯಾದ 4367 ಫಲಾನುಭವಿಗಳು 18 ವರ್ಷ ಪೂರ್ಣಗೊಂಡಿದ್ದು ಪರಿಪಕ್ವ ಮೊತ್ತ ಪಡೆಯಲು ಅರ್ಜಿ ಸಲ್ಲಿಸಬೇಕು. ಅಂಗನವಾಡಿ ಕಾರ್ಯಕರ್ತೆಯರು ಅಥವಾ ಶಿಶು ಅಭಿವೃದ್ಧಿ ಯೋಜನಾ ಕಚೇರಿಯನ್ನು ಸಂಪರ್ಕಿಸಿ ಅಗತ್ಯ ದಾಖಲೆಗಳೊಂದಿಗೆ ಅರ್ಜಿ ಸಲ್ಲಿಸಬಹುದು. ಹೆಚ್ಚಿನ ಮಾಹಿತಿಗೆ: ದೇವನಹಳ್ಳಿ ದೂ.ಸಂ- 080-27682268, ದೊಡ್ಡಬಳ್ಳಾಪುರ ದೂ.ಸಂ- 080-27625228, ಹೊಸಕೋಟೆ ದೂ.ಸಂ- 080-27931493, ನೆಲಮಂಗಲ ದೂ.ಸಂ- 080-27722177 ಸಂಪರ್ಕಿಸಬಹುದು ಎಂದು ಉಪನಿರ್ದೇಶಕರು ತಿಳಿಸಿದ್ದಾರೆ.
ಸಂಶೋಧನಾ ವಿದ್ಯಾರ್ಥಿಗಳ ಪ್ರವೇಶಕ್ಕಾಗಿ ಅರ್ಜಿಗಳ ಆಹ್ವಾನ
ಬೆಂಗಳೂರು: ಡಾ. ಮನಮೋಹನ್ ಸಿಂಗ್ ಬೆಂಗಳೂರು ನಗರ ವಿಶ್ವವಿದ್ಯಾಲಯದ ಸ್ನಾತಕೋತ್ತರ ವಿಭಾಗಗಳು ಮತ್ತು ಸಂಯೋಜಿತ ಸಂಶೋಧನಾ ಕೇಂದ್ರಗಳಲ್ಲಿ ಸಂಶೋಧನಾ ವಿದ್ಯಾರ್ಥಿಗಳ ಪ್ರವೇಶಕ್ಕಾಗಿ ಅರ್ಜಿಗಳನ್ನು ಆಹ್ವಾನಿಸಲಾಗಿದೆ. ಆಸಕ್ತ ಅಭ್ಯರ್ಥಿಗಳು ವಿಶ್ವವಿದ್ಯಾಲಯದ ವೆಬ್‌ಸೈಟ್ https://bcu.ac.in/onlineapp ನಲ್ಲಿ ಆನ್‌ಲೈನ್ ಮೂಲಕ ಅರ್ಜಿ ಸಲ್ಲಿಸಬಹುದು. ಅರ್ಜಿ ಸಲ್ಲಿಸಲು 2026ರ ಮಾರ್ಚ್ 18 ಕೊನೆಯ ದಿನವಾಗಿದೆ. ಅರ್ಜಿ ಶುಲ್ಕ ರೂ. 200.00 ಹಾಗೂ ಪರಿಶಿಷ್ಟ ಜಾತಿ/ಪಂಗಡದ ಅಭ್ಯರ್ಥಿಗಳಿಗೆ ರೂ. 25 ಆಗಿರುತ್ತದೆ. ಹೆಚ್ಚಿನ ವಿವರಗಳಿಗೆ www.bcu.ac.in ನೋಡಬಹುದು ಎಂದು ಕುಲಸಚಿವರು ಪ್ರಕಟಣೆಯಲ್ಲಿ ತಿಳಿಸಿದ್ದಾರೆ.
ಅಗ್ನಿವೀರ್ ನೇಮಕಾತಿ ರ‍್ಯಾಲಿ
ಬೆಂಗಳೂರು: ಅಗ್ನಿಪಥ್ ಯೋಜನೆಯಡಿಯಲ್ಲಿ 2026ನೇ ಸಾಲಿನ ಭಾರತೀಯ ಸೇನೆಯಲ್ಲಿ ಅಗ್ನಿವೀರರ ನೇಮಕಾತಿಗಾಗಿ ಅಗ್ನಿವೀರ್ (ಜನರಲ್ ಡ್ಯೂಟಿ), ಅಗ್ನಿವೀರ್ (ಟೆಕ್), ಅಗ್ನಿವೀರ್ (ಕ್ಲರ್ಕ್/ಸ್ಟೋರ್ ಕೀಪರ್ ಟೆಕ್ನಿಕಲ್), ಅಗ್ನಿವೀರ್ ಟ್ರೇಡ್ಸ್‌ಮನ್ ಹುದ್ದೆಗಳಿಗೆ ಆನ್‌ಲೈನ್ ಮೂಲಕ ಅರ್ಜಿ ಆಹ್ವಾನಿಸಲಾಗಿದೆ. ಆಸಕ್ತ ಅಭ್ಯರ್ಥಿಗಳು www.joinindianarmy.nic.in ನಲ್ಲಿ ನೋಂದಾಯಿಸಬಹುದು. 2026 ರ ಫೆಬ್ರವರಿ 13 ರಿಂದ ಏಪ್ರಿಲ್ 01 ರವರೆಗೆ ಅರ್ಜಿ ಸಲ್ಲಿಸಲು ಅವಕಾಶವಿದೆ ಎಂದು ಸೇನಾ ನೇಮಕಾತಿ ಕಚೇರಿ ತಿಳಿಸಿದೆ.
ಪೌರಾಣಿಕ ನಾಟಕ ಪ್ರದರ್ಶನ
ಬೆಂಗಳೂರು: ಸಿರಿ ಸಾಂಸ್ಕೃತಿಕ ಕಲಾವಿದರ ಬಳಗದ ವತಿಯಿಂದ ದೇವಿಯ ಜಾತ್ರಾ ಮಹೋತ್ಸವದ ಅಂಗವಾಗಿ ಪೌರಾಣಿಕ ನಾಟಕ ಪ್ರದರ್ಶನವನ್ನು ಹಮ್ಮಿಕೊಳ್ಳಲಾಗಿದೆ. ಕಲಾವಿದರು ಉತ್ತಮ ಅಭಿನಯದ ಮೂಲಕ ಪ್ರೇಕ್ಷಕರ ಮನಸೆಳೆದರು. ಗ್ರಾಮದ ಹಿರಿಯರು, ಮುಖಂಡರು ಹಾಗೂ ಕಲಾಭಿಮಾನಿಗಳು ಭಾಗವಹಿಸಿದ್ದರು. ರಂಗಭೂಮಿ ಕಲೆಯನ್ನು ಉಳಿಸಿ ಬೆಳೆಸುವ ನಿಟ್ಟಿನಲ್ಲಿ ಇಂತಹ ಕಾರ್ಯಕ್ರಮಗಳು ಅಗತ್ಯ ಎಂದು ಆಯೋಜಕರು ತಿಳಿಸಿದರು. ನಾಟಕದಲ್ಲಿ ಪಾತ್ರವಹಿಸಿದ ಕಲಾವಿದರನ್ನು ಸನ್ಮಾನಿಸಲಾಯಿತು.
